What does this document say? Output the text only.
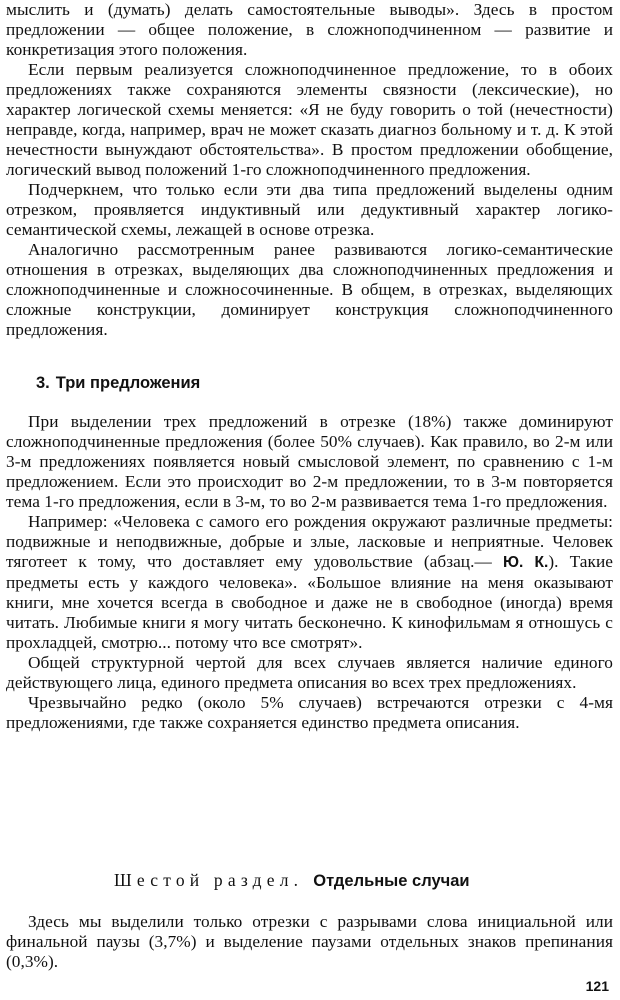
мыслить и (думать) делать самостоятельные выводы». Здесь в простом предложении — общее положение, в сложноподчиненном — развитие и конкретизация этого положения.

Если первым реализуется сложноподчиненное предложение, то в обоих предложениях также сохраняются элементы связности (лексические), но характер логической схемы меняется: «Я не буду говорить о той (нечестности) неправде, когда, например, врач не может сказать диагноз больному и т. д. К этой нечестности вынуждают обстоятельства». В простом предложении обобщение, логический вывод положений 1-го сложноподчиненного предложения.

Подчеркнем, что только если эти два типа предложений выделены одним отрезком, проявляется индуктивный или дедуктивный характер логико-семантической схемы, лежащей в основе отрезка.

Аналогично рассмотренным ранее развиваются логико-семантические отношения в отрезках, выделяющих два сложноподчиненных предложения и сложноподчиненные и сложносочиненные. В общем, в отрезках, выделяющих сложные конструкции, доминирует конструкция сложноподчиненного предложения.

3. Три предложения

При выделении трех предложений в отрезке (18%) также доминируют сложноподчиненные предложения (более 50% случаев). Как правило, во 2-м или 3-м предложениях появляется новый смысловой элемент, по сравнению с 1-м предложением. Если это происходит во 2-м предложении, то в 3-м повторяется тема 1-го предложения, если в 3-м, то во 2-м развивается тема 1-го предложения.

Например: «Человека с самого его рождения окружают различные предметы: подвижные и неподвижные, добрые и злые, ласковые и неприятные. Человек тяготеет к тому, что доставляет ему удовольствие (абзац.— Ю. К.). Такие предметы есть у каждого человека». «Большое влияние на меня оказывают книги, мне хочется всегда в свободное и даже не в свободное (иногда) время читать. Любимые книги я могу читать бесконечно. К кинофильмам я отношусь с прохладцей, смотрю... потому что все смотрят».

Общей структурной чертой для всех случаев является наличие единого действующего лица, единого предмета описания во всех трех предложениях.

Чрезвычайно редко (около 5% случаев) встречаются отрезки с 4-мя предложениями, где также сохраняется единство предмета описания.

Шестой раздел. Отдельные случаи

Здесь мы выделили только отрезки с разрывами слова инициальной или финальной паузы (3,7%) и выделение паузами отдельных знаков препинания (0,3%).

121
